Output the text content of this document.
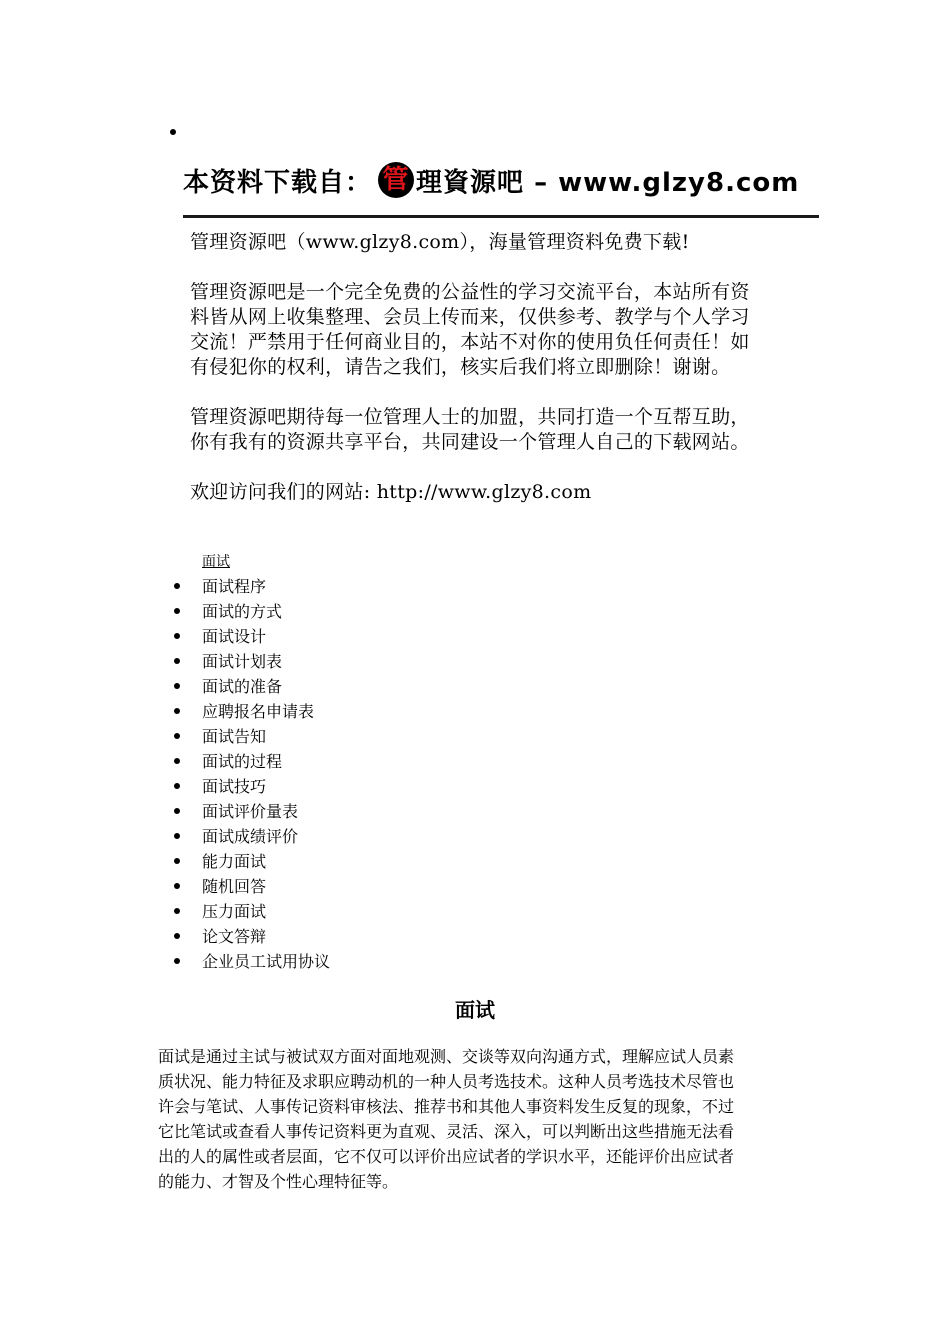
本资料下载自： 管 理資源吧 – www.glzy8.com

管理资源吧（www.glzy8.com），海量管理资料免费下载!

管理资源吧是一个完全免费的公益性的学习交流平台，本站所有资
料皆从网上收集整理、会员上传而来，仅供参考、教学与个人学习
交流！严禁用于任何商业目的，本站不对你的使用负任何责任！如
有侵犯你的权利，请告之我们，核实后我们将立即删除！谢谢。

管理资源吧期待每一位管理人士的加盟，共同打造一个互帮互助，
你有我有的资源共享平台，共同建设一个管理人自己的下载网站。

欢迎访问我们的网站: http://www.glzy8.com

面试
面试程序
面试的方式
面试设计
面试计划表
面试的准备
应聘报名申请表
面试告知
面试的过程
面试技巧
面试评价量表
面试成绩评价
能力面试
随机回答
压力面试
论文答辩
企业员工试用协议
面试

面试是通过主试与被试双方面对面地观测、交谈等双向沟通方式，理解应试人员素
质状况、能力特征及求职应聘动机的一种人员考选技术。这种人员考选技术尽管也
许会与笔试、人事传记资料审核法、推荐书和其他人事资料发生反复的现象，不过
它比笔试或查看人事传记资料更为直观、灵活、深入，可以判断出这些措施无法看
出的人的属性或者层面，它不仅可以评价出应试者的学识水平，还能评价出应试者
的能力、才智及个性心理特征等。
